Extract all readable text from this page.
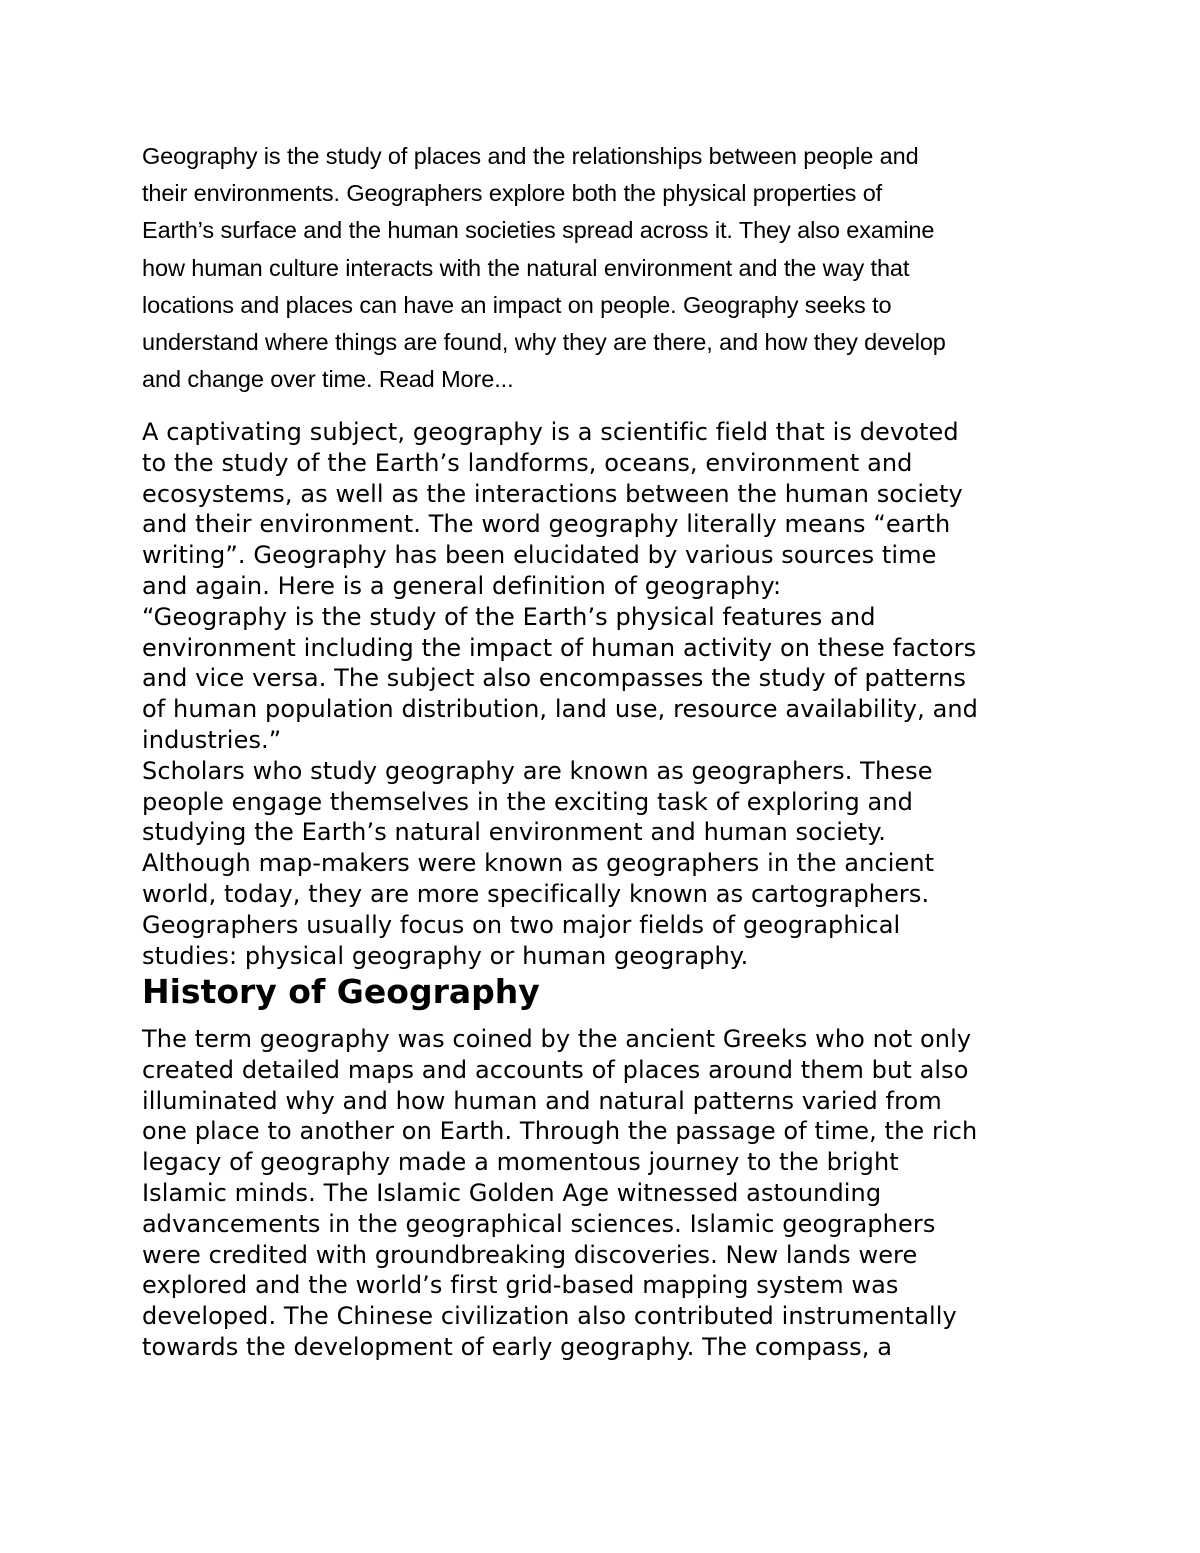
Geography is the study of places and the relationships between people and
their environments. Geographers explore both the physical properties of
Earth’s surface and the human societies spread across it. They also examine
how human culture interacts with the natural environment and the way that
locations and places can have an impact on people. Geography seeks to
understand where things are found, why they are there, and how they develop
and change over time. Read More...
A captivating subject, geography is a scientific field that is devoted
to the study of the Earth’s landforms, oceans, environment and
ecosystems, as well as the interactions between the human society
and their environment. The word geography literally means “earth
writing”. Geography has been elucidated by various sources time
and again. Here is a general definition of geography:
“Geography is the study of the Earth’s physical features and
environment including the impact of human activity on these factors
and vice versa. The subject also encompasses the study of patterns
of human population distribution, land use, resource availability, and
industries.”
Scholars who study geography are known as geographers. These
people engage themselves in the exciting task of exploring and
studying the Earth’s natural environment and human society.
Although map-makers were known as geographers in the ancient
world, today, they are more specifically known as cartographers.
Geographers usually focus on two major fields of geographical
studies: physical geography or human geography.
History of Geography
The term geography was coined by the ancient Greeks who not only
created detailed maps and accounts of places around them but also
illuminated why and how human and natural patterns varied from
one place to another on Earth. Through the passage of time, the rich
legacy of geography made a momentous journey to the bright
Islamic minds. The Islamic Golden Age witnessed astounding
advancements in the geographical sciences. Islamic geographers
were credited with groundbreaking discoveries. New lands were
explored and the world’s first grid-based mapping system was
developed. The Chinese civilization also contributed instrumentally
towards the development of early geography. The compass, a
